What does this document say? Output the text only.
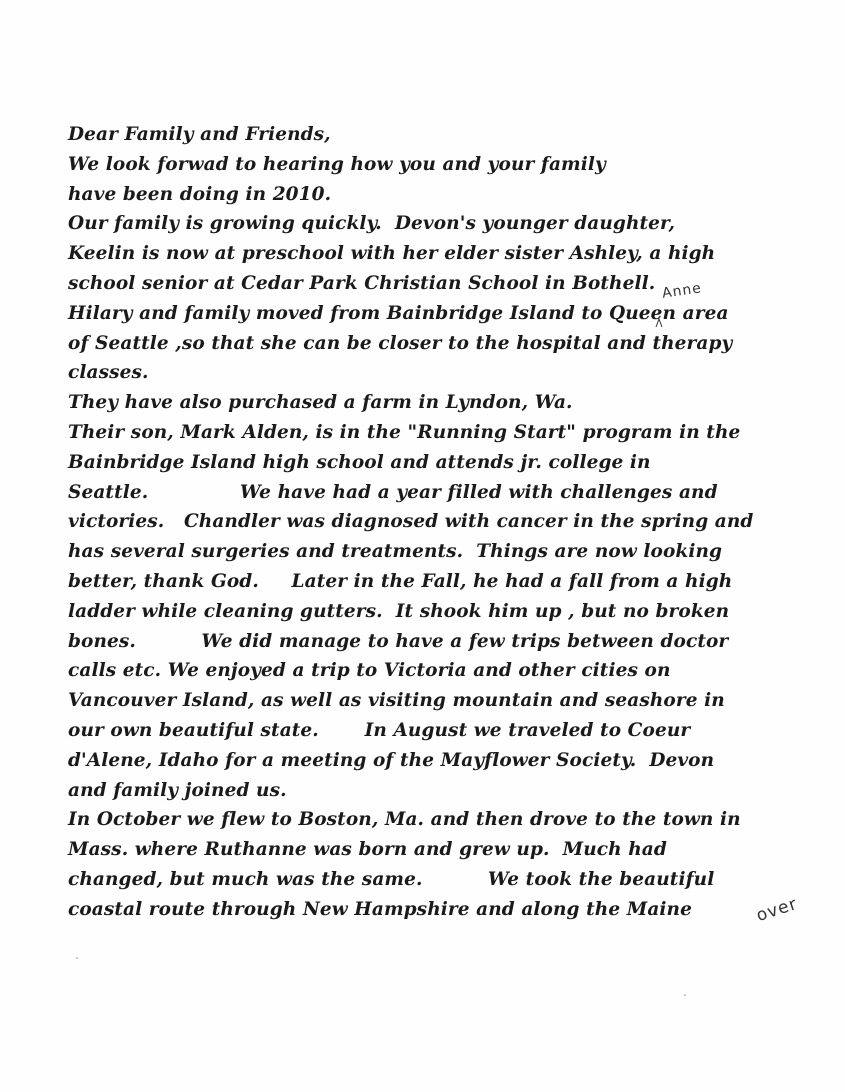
Dear Family and Friends,
We look forwad to hearing how you and your family
have been doing in 2010.
Our family is growing quickly.  Devon's younger daughter,
Keelin is now at preschool with her elder sister Ashley, a high
school senior at Cedar Park Christian School in Bothell.
Hilary and family moved from Bainbridge Island to Queen area
of Seattle ,so that she can be closer to the hospital and therapy
classes.
They have also purchased a farm in Lyndon, Wa.
Their son, Mark Alden, is in the "Running Start" program in the
Bainbridge Island high school and attends jr. college in
Seattle.              We have had a year filled with challenges and
victories.   Chandler was diagnosed with cancer in the spring and
has several surgeries and treatments.  Things are now looking
better, thank God.     Later in the Fall, he had a fall from a high
ladder while cleaning gutters.  It shook him up , but no broken
bones.          We did manage to have a few trips between doctor
calls etc. We enjoyed a trip to Victoria and other cities on
Vancouver Island, as well as visiting mountain and seashore in
our own beautiful state.       In August we traveled to Coeur
d'Alene, Idaho for a meeting of the Mayflower Society.  Devon
and family joined us.
In October we flew to Boston, Ma. and then drove to the town in
Mass. where Ruthanne was born and grew up.  Much had
changed, but much was the same.          We took the beautiful
coastal route through New Hampshire and along the Maine
Anne
over
